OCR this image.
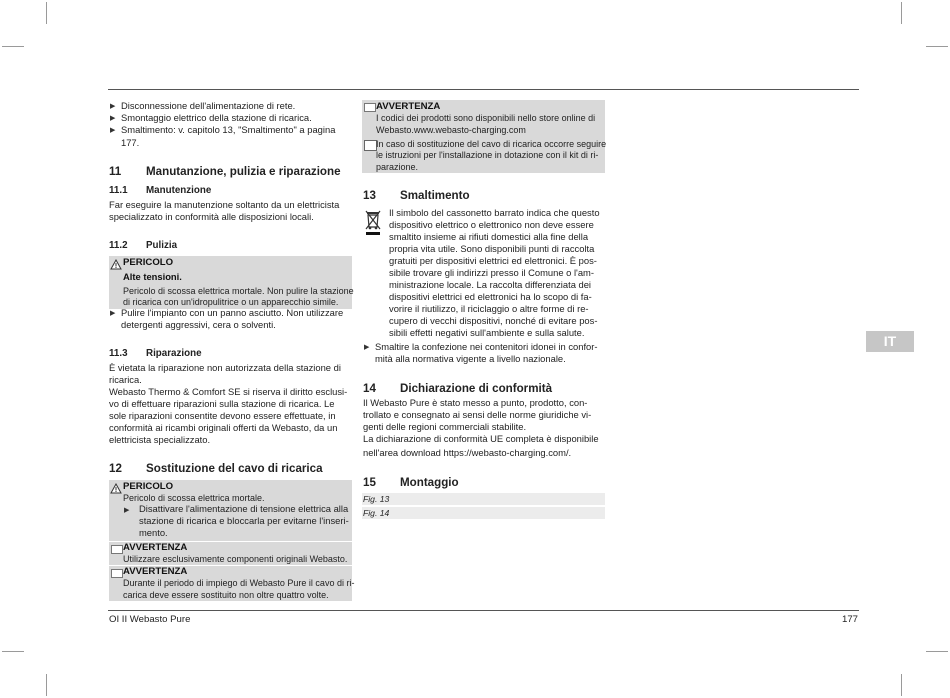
▶ Disconnessione dell'alimentazione di rete.
▶ Smontaggio elettrico della stazione di ricarica.
▶ Smaltimento: v. capitolo 13, "Smaltimento" a pagina
177.
11 Manutanzione, pulizia e riparazione
11.1 Manutenzione
Far eseguire la manutenzione soltanto da un elettricista
specializzato in conformità alle disposizioni locali.
11.2 Pulizia
PERICOLO
Alte tensioni.
Pericolo di scossa elettrica mortale. Non pulire la stazione
di ricarica con un'idropulitrice o un apparecchio simile.
▶ Pulire l'impianto con un panno asciutto. Non utilizzare
detergenti aggressivi, cera o solventi.
11.3 Riparazione
È vietata la riparazione non autorizzata della stazione di
ricarica.
Webasto Thermo & Comfort SE si riserva il diritto esclusi-
vo di effettuare riparazioni sulla stazione di ricarica. Le
sole riparazioni consentite devono essere effettuate, in
conformità ai ricambi originali offerti da Webasto, da un
elettricista specializzato.
12 Sostituzione del cavo di ricarica
PERICOLO
Pericolo di scossa elettrica mortale.
▶ Disattivare l'alimentazione di tensione elettrica alla
stazione di ricarica e bloccarla per evitarne l'inseri-
mento.
AVVERTENZA
Utilizzare esclusivamente componenti originali Webasto.
AVVERTENZA
Durante il periodo di impiego di Webasto Pure il cavo di ri-
carica deve essere sostituito non oltre quattro volte.
AVVERTENZA
I codici dei prodotti sono disponibili nello store online di
Webasto.www.webasto-charging.com
In caso di sostituzione del cavo di ricarica occorre seguire
le istruzioni per l'installazione in dotazione con il kit di ri-
parazione.
13 Smaltimento
Il simbolo del cassonetto barrato indica che questo
dispositivo elettrico o elettronico non deve essere
smaltito insieme ai rifiuti domestici alla fine della
propria vita utile. Sono disponibili punti di raccolta
gratuiti per dispositivi elettrici ed elettronici. È pos-
sibile trovare gli indirizzi presso il Comune o l'am-
ministrazione locale. La raccolta differenziata dei
dispositivi elettrici ed elettronici ha lo scopo di fa-
vorire il riutilizzo, il riciclaggio o altre forme di re-
cupero di vecchi dispositivi, nonché di evitare pos-
sibili effetti negativi sull'ambiente e sulla salute.
▶ Smaltire la confezione nei contenitori idonei in confor-
mità alla normativa vigente a livello nazionale.
14 Dichiarazione di conformità
Il Webasto Pure è stato messo a punto, prodotto, con-
trollato e consegnato ai sensi delle norme giuridiche vi-
genti delle regioni commerciali stabilite.
La dichiarazione di conformità UE completa è disponibile
nell'area download https://webasto-charging.com/.
15 Montaggio
Fig. 13
Fig. 14
IT
OI II Webasto Pure	177
